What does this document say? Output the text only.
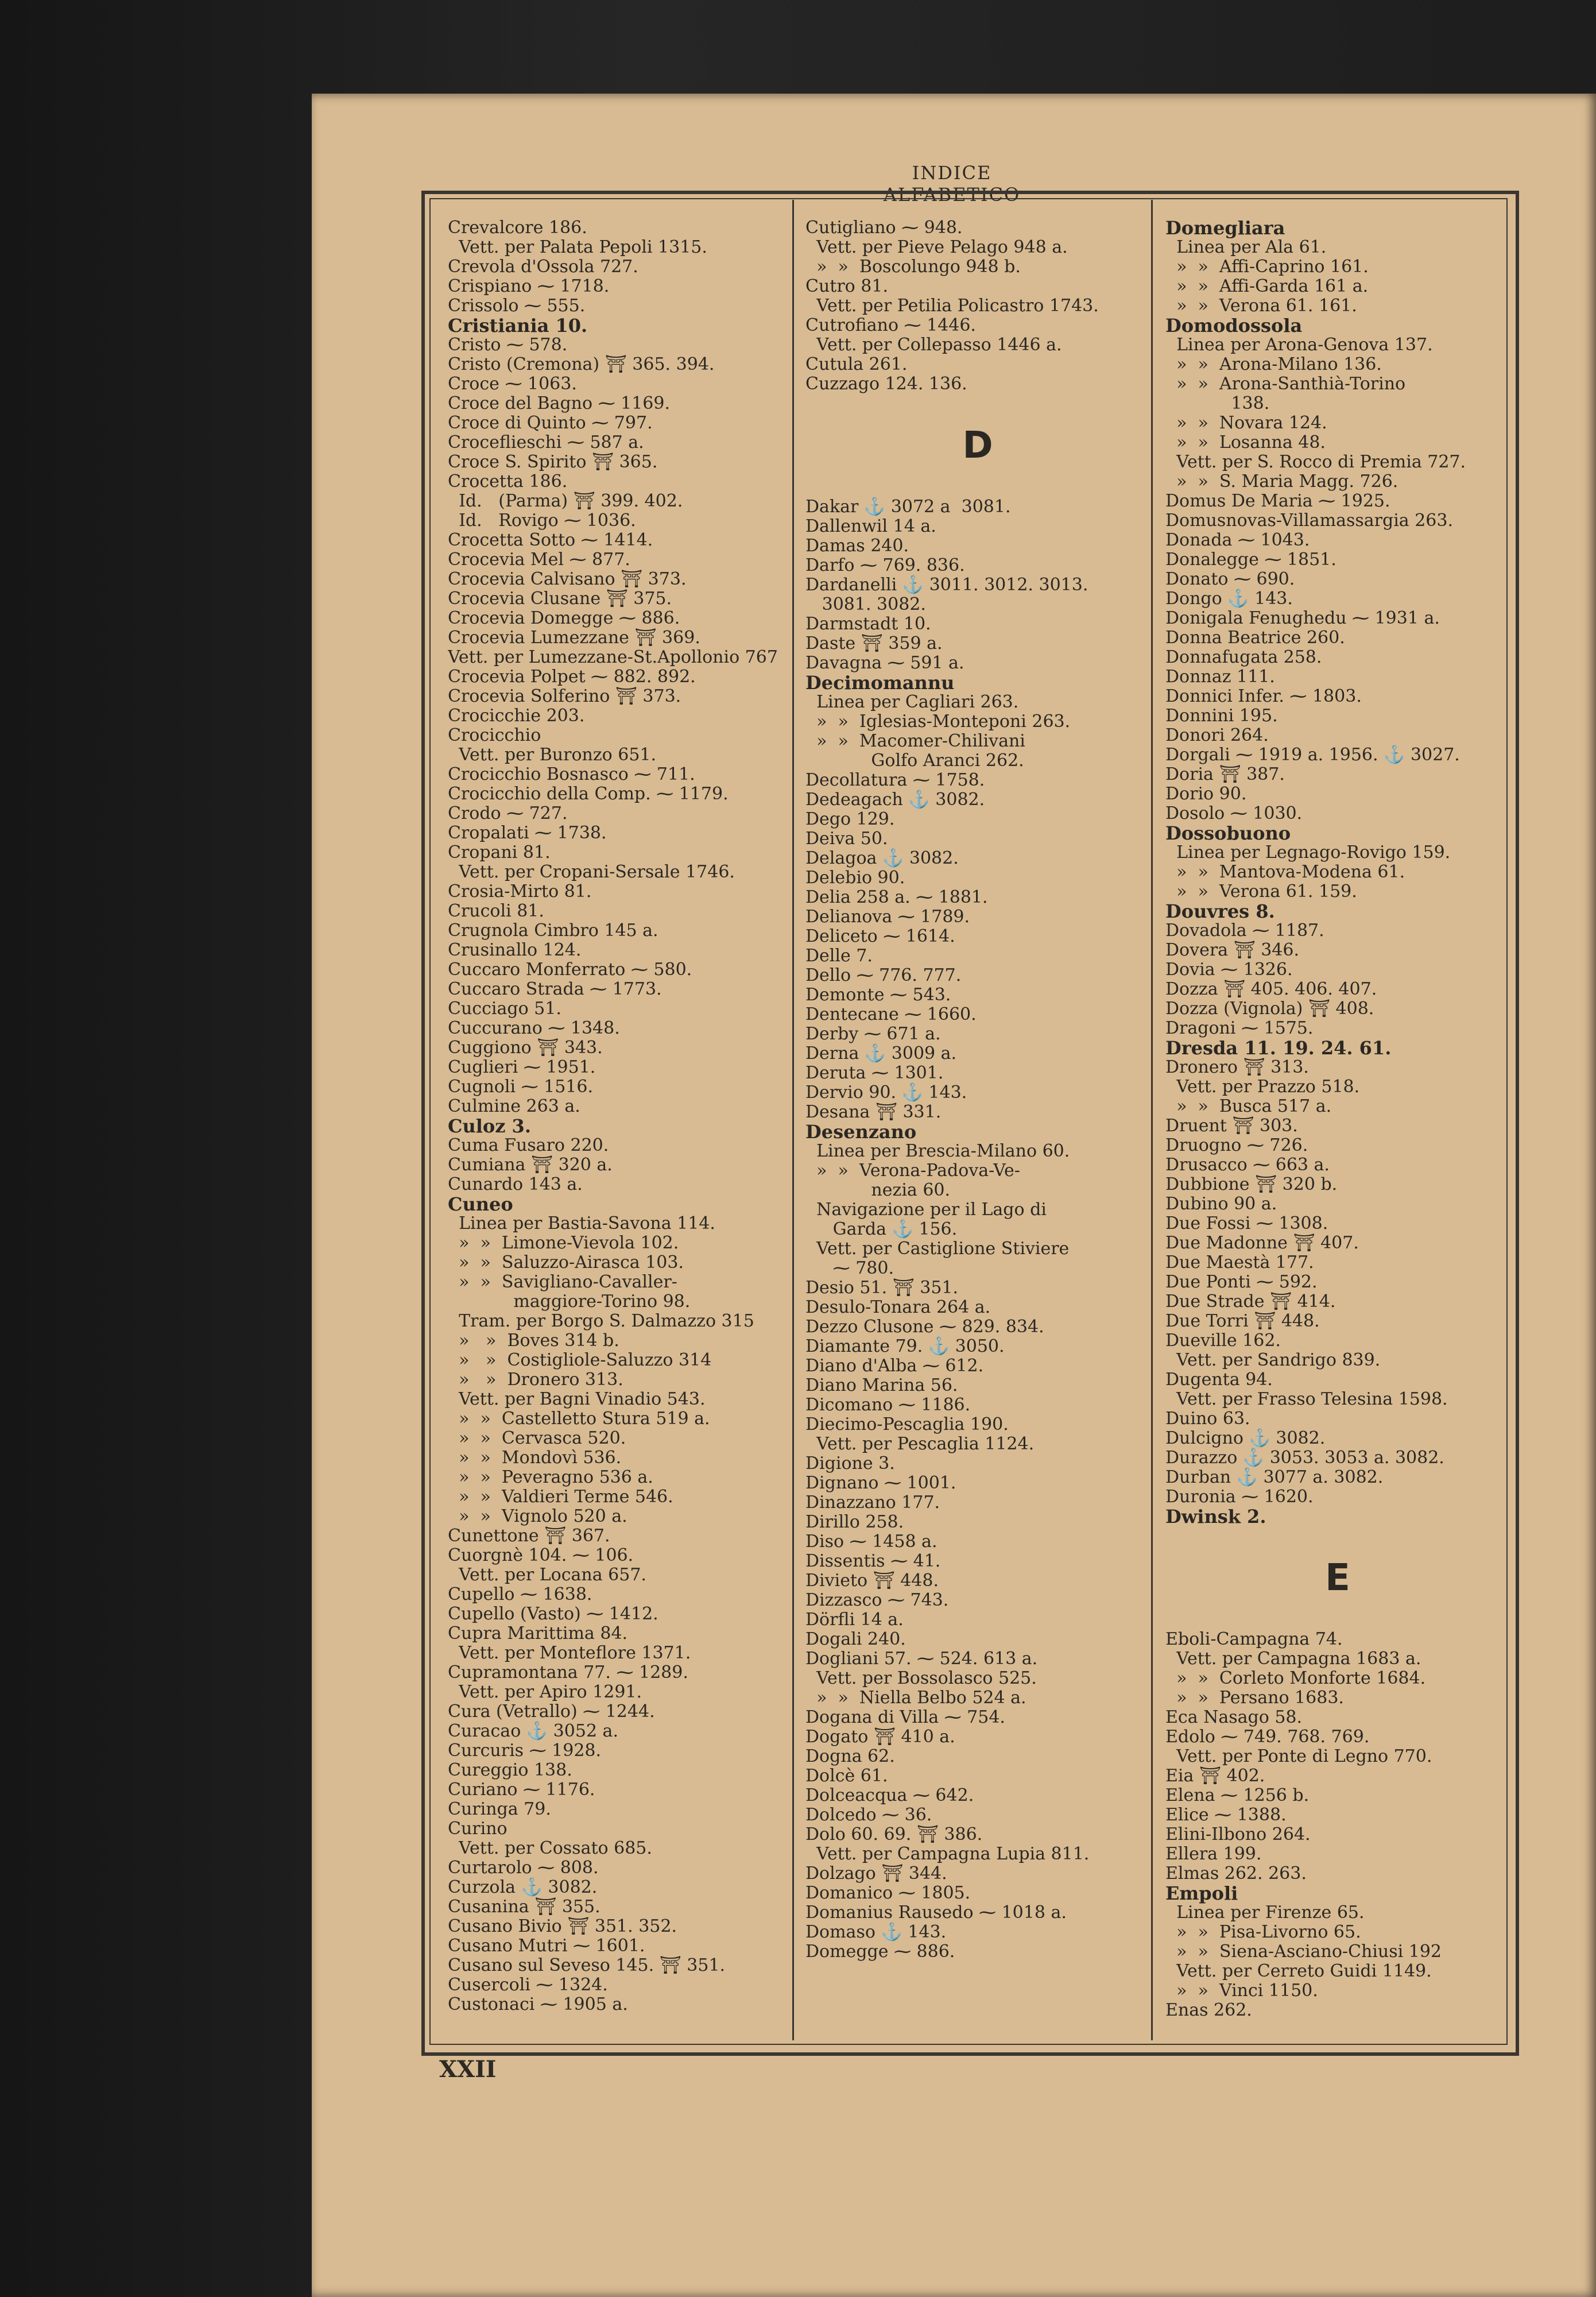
INDICE ALFABETICO
Crevalcore 186.
Vett. per Palata Pepoli 1315.
Crevola d'Ossola 727.
Crispiano ⁓ 1718.
Crissolo ⁓ 555.
Cristiania 10.
Cristo ⁓ 578.
Cristo (Cremona) ⛩ 365. 394.
Croce ⁓ 1063.
Croce del Bagno ⁓ 1169.
Croce di Quinto ⁓ 797.
Croceflieschi ⁓ 587 a.
Croce S. Spirito ⛩ 365.
Crocetta 186.
Id.   (Parma) ⛩ 399. 402.
Id.   Rovigo ⁓ 1036.
Crocetta Sotto ⁓ 1414.
Crocevia Mel ⁓ 877.
Crocevia Calvisano ⛩ 373.
Crocevia Clusane ⛩ 375.
Crocevia Domegge ⁓ 886.
Crocevia Lumezzane ⛩ 369.
Vett. per Lumezzane-St.Apollonio 767
Crocevia Polpet ⁓ 882. 892.
Crocevia Solferino ⛩ 373.
Crocicchie 203.
Crocicchio
Vett. per Buronzo 651.
Crocicchio Bosnasco ⁓ 711.
Crocicchio della Comp. ⁓ 1179.
Crodo ⁓ 727.
Cropalati ⁓ 1738.
Cropani 81.
Vett. per Cropani-Sersale 1746.
Crosia-Mirto 81.
Crucoli 81.
Crugnola Cimbro 145 a.
Crusinallo 124.
Cuccaro Monferrato ⁓ 580.
Cuccaro Strada ⁓ 1773.
Cucciago 51.
Cuccurano ⁓ 1348.
Cuggiono ⛩ 343.
Cuglieri ⁓ 1951.
Cugnoli ⁓ 1516.
Culmine 263 a.
Culoz 3.
Cuma Fusaro 220.
Cumiana ⛩ 320 a.
Cunardo 143 a.
Cuneo
Linea per Bastia-Savona 114.
»  »  Limone-Vievola 102.
»  »  Saluzzo-Airasca 103.
»  »  Savigliano-Cavaller-
maggiore-Torino 98.
Tram. per Borgo S. Dalmazzo 315
»   »  Boves 314 b.
»   »  Costigliole-Saluzzo 314
»   »  Dronero 313.
Vett. per Bagni Vinadio 543.
»  »  Castelletto Stura 519 a.
»  »  Cervasca 520.
»  »  Mondovì 536.
»  »  Peveragno 536 a.
»  »  Valdieri Terme 546.
»  »  Vignolo 520 a.
Cunettone ⛩ 367.
Cuorgnè 104. ⁓ 106.
Vett. per Locana 657.
Cupello ⁓ 1638.
Cupello (Vasto) ⁓ 1412.
Cupra Marittima 84.
Vett. per Monteflore 1371.
Cupramontana 77. ⁓ 1289.
Vett. per Apiro 1291.
Cura (Vetrallo) ⁓ 1244.
Curacao ⚓ 3052 a.
Curcuris ⁓ 1928.
Cureggio 138.
Curiano ⁓ 1176.
Curinga 79.
Curino
Vett. per Cossato 685.
Curtarolo ⁓ 808.
Curzola ⚓ 3082.
Cusanina ⛩ 355.
Cusano Bivio ⛩ 351. 352.
Cusano Mutri ⁓ 1601.
Cusano sul Seveso 145. ⛩ 351.
Cusercoli ⁓ 1324.
Custonaci ⁓ 1905 a.
Cutigliano ⁓ 948.
Vett. per Pieve Pelago 948 a.
»  »  Boscolungo 948 b.
Cutro 81.
Vett. per Petilia Policastro 1743.
Cutrofiano ⁓ 1446.
Vett. per Collepasso 1446 a.
Cutula 261.
Cuzzago 124. 136.
D
Dakar ⚓ 3072 a  3081.
Dallenwil 14 a.
Damas 240.
Darfo ⁓ 769. 836.
Dardanelli ⚓ 3011. 3012. 3013.
3081. 3082.
Darmstadt 10.
Daste ⛩ 359 a.
Davagna ⁓ 591 a.
Decimomannu
Linea per Cagliari 263.
»  »  Iglesias-Monteponi 263.
»  »  Macomer-Chilivani
Golfo Aranci 262.
Decollatura ⁓ 1758.
Dedeagach ⚓ 3082.
Dego 129.
Deiva 50.
Delagoa ⚓ 3082.
Delebio 90.
Delia 258 a. ⁓ 1881.
Delianova ⁓ 1789.
Deliceto ⁓ 1614.
Delle 7.
Dello ⁓ 776. 777.
Demonte ⁓ 543.
Dentecane ⁓ 1660.
Derby ⁓ 671 a.
Derna ⚓ 3009 a.
Deruta ⁓ 1301.
Dervio 90. ⚓ 143.
Desana ⛩ 331.
Desenzano
Linea per Brescia-Milano 60.
»  »  Verona-Padova-Ve-
nezia 60.
Navigazione per il Lago di
Garda ⚓ 156.
Vett. per Castiglione Stiviere
⁓ 780.
Desio 51. ⛩ 351.
Desulo-Tonara 264 a.
Dezzo Clusone ⁓ 829. 834.
Diamante 79. ⚓ 3050.
Diano d'Alba ⁓ 612.
Diano Marina 56.
Dicomano ⁓ 1186.
Diecimo-Pescaglia 190.
Vett. per Pescaglia 1124.
Digione 3.
Dignano ⁓ 1001.
Dinazzano 177.
Dirillo 258.
Diso ⁓ 1458 a.
Dissentis ⁓ 41.
Divieto ⛩ 448.
Dizzasco ⁓ 743.
Dörfli 14 a.
Dogali 240.
Dogliani 57. ⁓ 524. 613 a.
Vett. per Bossolasco 525.
»  »  Niella Belbo 524 a.
Dogana di Villa ⁓ 754.
Dogato ⛩ 410 a.
Dogna 62.
Dolcè 61.
Dolceacqua ⁓ 642.
Dolcedo ⁓ 36.
Dolo 60. 69. ⛩ 386.
Vett. per Campagna Lupia 811.
Dolzago ⛩ 344.
Domanico ⁓ 1805.
Domanius Rausedo ⁓ 1018 a.
Domaso ⚓ 143.
Domegge ⁓ 886.
Domegliara
Linea per Ala 61.
»  »  Affi-Caprino 161.
»  »  Affi-Garda 161 a.
»  »  Verona 61. 161.
Domodossola
Linea per Arona-Genova 137.
»  »  Arona-Milano 136.
»  »  Arona-Santhià-Torino
138.
»  »  Novara 124.
»  »  Losanna 48.
Vett. per S. Rocco di Premia 727.
»  »  S. Maria Magg. 726.
Domus De Maria ⁓ 1925.
Domusnovas-Villamassargia 263.
Donada ⁓ 1043.
Donalegge ⁓ 1851.
Donato ⁓ 690.
Dongo ⚓ 143.
Donigala Fenughedu ⁓ 1931 a.
Donna Beatrice 260.
Donnafugata 258.
Donnaz 111.
Donnici Infer. ⁓ 1803.
Donnini 195.
Donori 264.
Dorgali ⁓ 1919 a. 1956. ⚓ 3027.
Doria ⛩ 387.
Dorio 90.
Dosolo ⁓ 1030.
Dossobuono
Linea per Legnago-Rovigo 159.
»  »  Mantova-Modena 61.
»  »  Verona 61. 159.
Douvres 8.
Dovadola ⁓ 1187.
Dovera ⛩ 346.
Dovia ⁓ 1326.
Dozza ⛩ 405. 406. 407.
Dozza (Vignola) ⛩ 408.
Dragoni ⁓ 1575.
Dresda 11. 19. 24. 61.
Dronero ⛩ 313.
Vett. per Prazzo 518.
»  »  Busca 517 a.
Druent ⛩ 303.
Druogno ⁓ 726.
Drusacco ⁓ 663 a.
Dubbione ⛩ 320 b.
Dubino 90 a.
Due Fossi ⁓ 1308.
Due Madonne ⛩ 407.
Due Maestà 177.
Due Ponti ⁓ 592.
Due Strade ⛩ 414.
Due Torri ⛩ 448.
Dueville 162.
Vett. per Sandrigo 839.
Dugenta 94.
Vett. per Frasso Telesina 1598.
Duino 63.
Dulcigno ⚓ 3082.
Durazzo ⚓ 3053. 3053 a. 3082.
Durban ⚓ 3077 a. 3082.
Duronia ⁓ 1620.
Dwinsk 2.
E
Eboli-Campagna 74.
Vett. per Campagna 1683 a.
»  »  Corleto Monforte 1684.
»  »  Persano 1683.
Eca Nasago 58.
Edolo ⁓ 749. 768. 769.
Vett. per Ponte di Legno 770.
Eia ⛩ 402.
Elena ⁓ 1256 b.
Elice ⁓ 1388.
Elini-Ilbono 264.
Ellera 199.
Elmas 262. 263.
Empoli
Linea per Firenze 65.
»  »  Pisa-Livorno 65.
»  »  Siena-Asciano-Chiusi 192
Vett. per Cerreto Guidi 1149.
»  »  Vinci 1150.
Enas 262.
XXII
